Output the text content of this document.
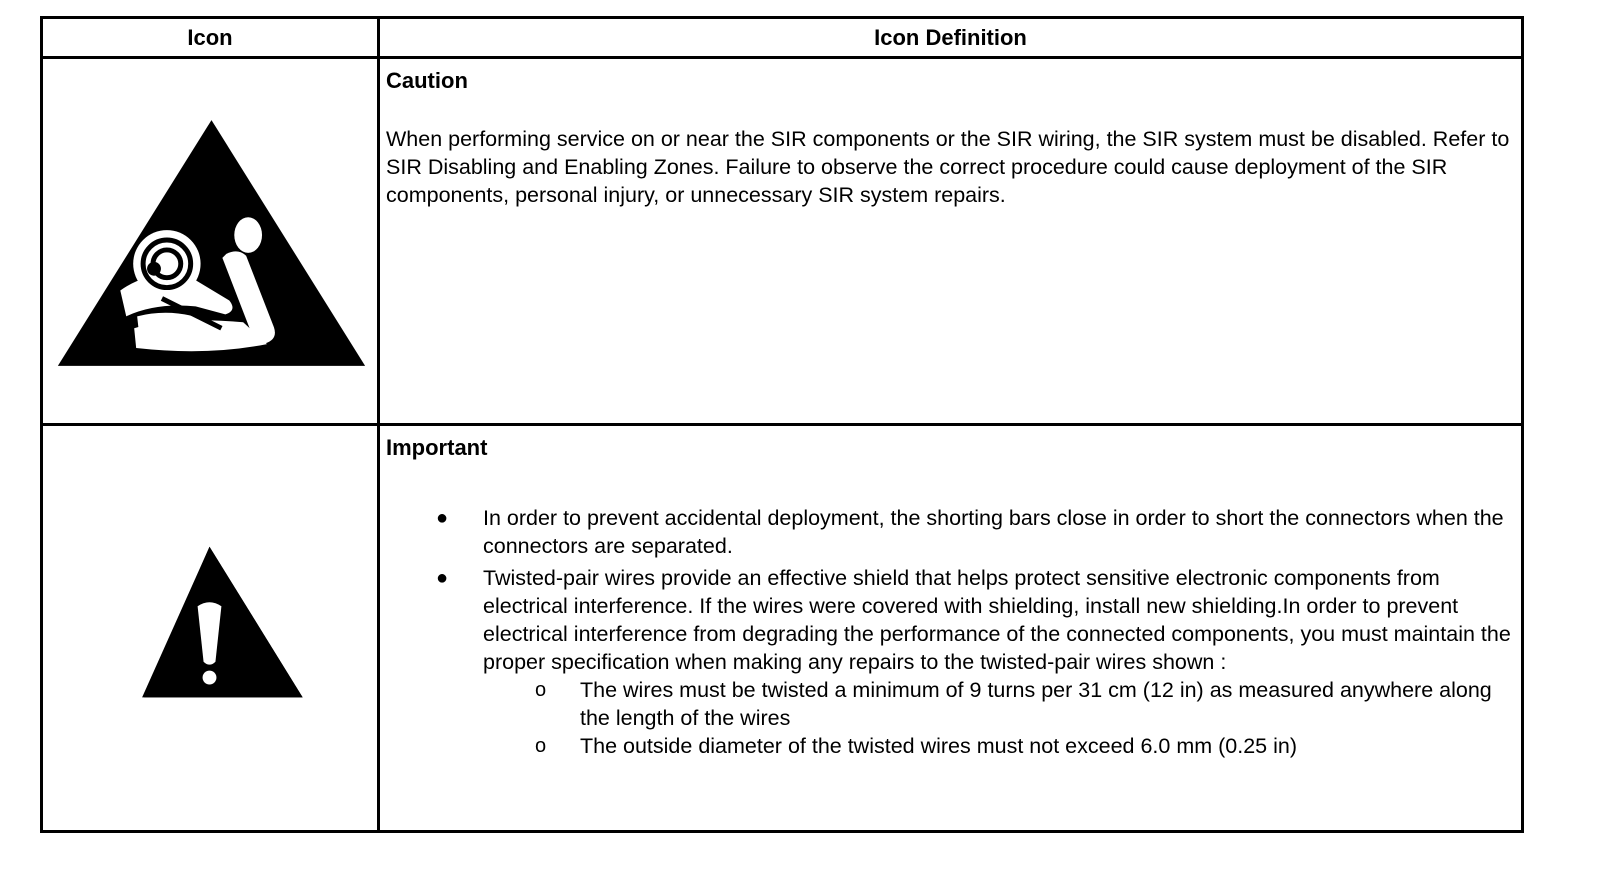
Icon	Icon Definition

Caution

When performing service on or near the SIR components or the SIR wiring, the SIR system must be disabled. Refer to SIR Disabling and Enabling Zones. Failure to observe the correct procedure could cause deployment of the SIR components, personal injury, or unnecessary SIR system repairs.

Important

● In order to prevent accidental deployment, the shorting bars close in order to short the connectors when the connectors are separated.
● Twisted-pair wires provide an effective shield that helps protect sensitive electronic components from electrical interference. If the wires were covered with shielding, install new shielding.In order to prevent electrical interference from degrading the performance of the connected components, you must maintain the proper specification when making any repairs to the twisted-pair wires shown :
o The wires must be twisted a minimum of 9 turns per 31 cm (12 in) as measured anywhere along the length of the wires
o The outside diameter of the twisted wires must not exceed 6.0 mm (0.25 in)
